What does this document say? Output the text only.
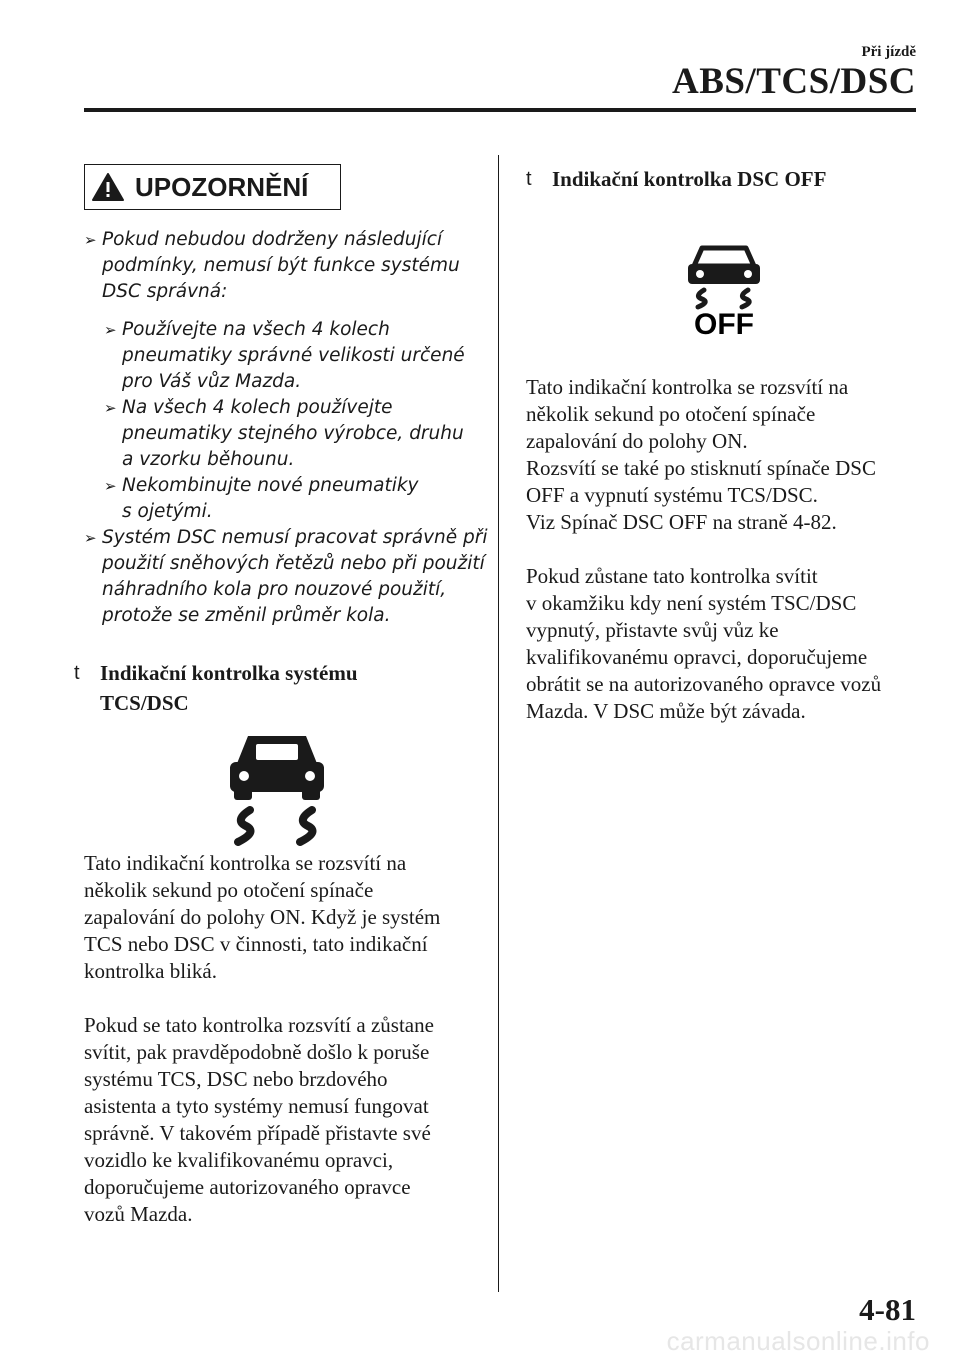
Při jízdě
ABS/TCS/DSC
UPOZORNĚNÍ
➢ Pokud nebudou dodrženy následující
podmínky, nemusí být funkce systému
DSC správná:
➢ Používejte na všech 4 kolech
pneumatiky správné velikosti určené
pro Váš vůz Mazda.
➢ Na všech 4 kolech používejte
pneumatiky stejného výrobce, druhu
a vzorku běhounu.
➢ Nekombinujte nové pneumatiky
s ojetými.
➢ Systém DSC nemusí pracovat správně při
použití sněhových řetězů nebo při použití
náhradního kola pro nouzové použití,
protože se změnil průměr kola.
t Indikační kontrolka systému
TCS/DSC
Tato indikační kontrolka se rozsvítí na
několik sekund po otočení spínače
zapalování do polohy ON. Když je systém
TCS nebo DSC v činnosti, tato indikační
kontrolka bliká.
Pokud se tato kontrolka rozsvítí a zůstane
svítit, pak pravděpodobně došlo k poruše
systému TCS, DSC nebo brzdového
asistenta a tyto systémy nemusí fungovat
správně. V takovém případě přistavte své
vozidlo ke kvalifikovanému opravci,
doporučujeme autorizovaného opravce
vozů Mazda.
t Indikační kontrolka DSC OFF
OFF
Tato indikační kontrolka se rozsvítí na
několik sekund po otočení spínače
zapalování do polohy ON.
Rozsvítí se také po stisknutí spínače DSC
OFF a vypnutí systému TCS/DSC.
Viz Spínač DSC OFF na straně 4-82.
Pokud zůstane tato kontrolka svítit
v okamžiku kdy není systém TSC/DSC
vypnutý, přistavte svůj vůz ke
kvalifikovanému opravci, doporučujeme
obrátit se na autorizovaného opravce vozů
Mazda. V DSC může být závada.
4-81
carmanualsonline.info
